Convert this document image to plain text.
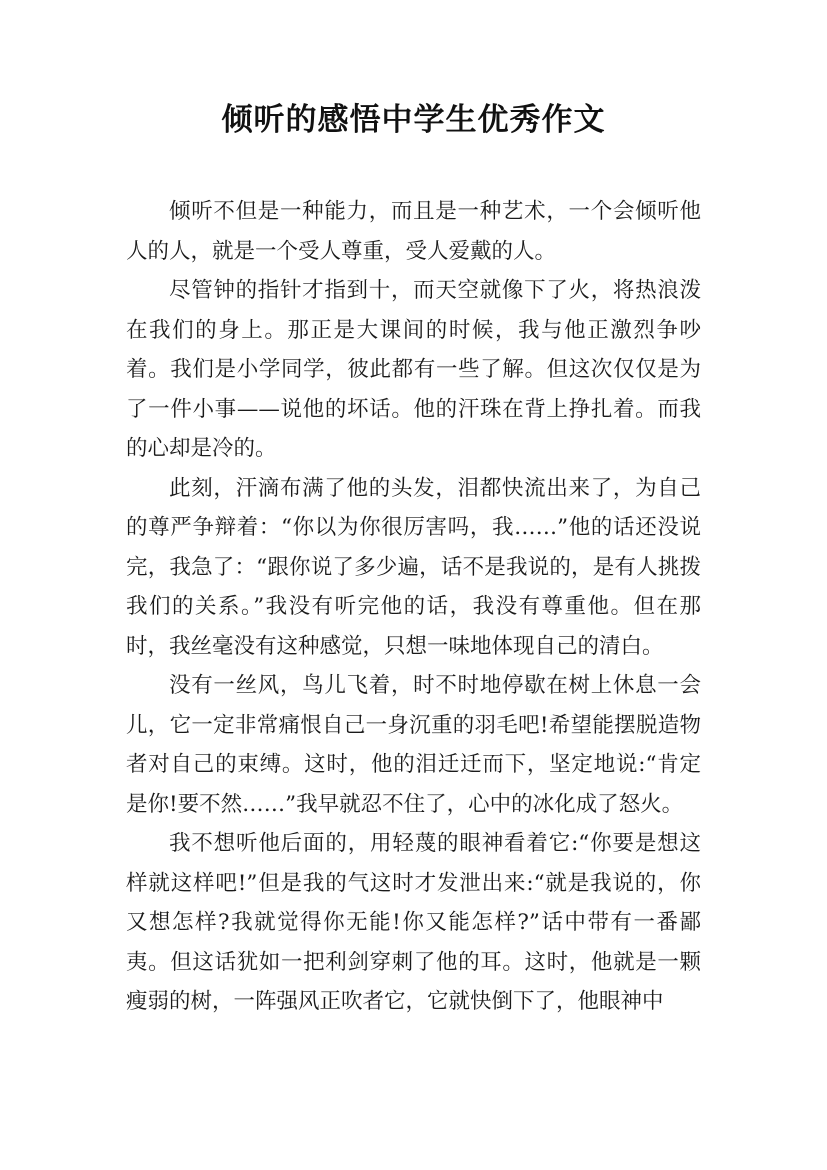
倾听的感悟中学生优秀作文

倾听不但是一种能力，而且是一种艺术，一个会倾听他人的人，就是一个受人尊重，受人爱戴的人。

尽管钟的指针才指到十，而天空就像下了火，将热浪泼在我们的身上。那正是大课间的时候，我与他正激烈争吵着。我们是小学同学，彼此都有一些了解。但这次仅仅是为了一件小事——说他的坏话。他的汗珠在背上挣扎着。而我的心却是冷的。

此刻，汗滴布满了他的头发，泪都快流出来了，为自己的尊严争辩着：“你以为你很厉害吗，我……”他的话还没说完，我急了：“跟你说了多少遍，话不是我说的，是有人挑拨我们的关系。”我没有听完他的话，我没有尊重他。但在那时，我丝毫没有这种感觉，只想一味地体现自己的清白。

没有一丝风，鸟儿飞着，时不时地停歇在树上休息一会儿，它一定非常痛恨自己一身沉重的羽毛吧!希望能摆脱造物者对自己的束缚。这时，他的泪迁迁而下，坚定地说:“肯定是你!要不然……”我早就忍不住了，心中的冰化成了怒火。

我不想听他后面的，用轻蔑的眼神看着它:“你要是想这样就这样吧!”但是我的气这时才发泄出来:“就是我说的，你又想怎样?我就觉得你无能!你又能怎样?”话中带有一番鄙夷。但这话犹如一把利剑穿刺了他的耳。这时，他就是一颗瘦弱的树，一阵强风正吹者它，它就快倒下了，他眼神中
